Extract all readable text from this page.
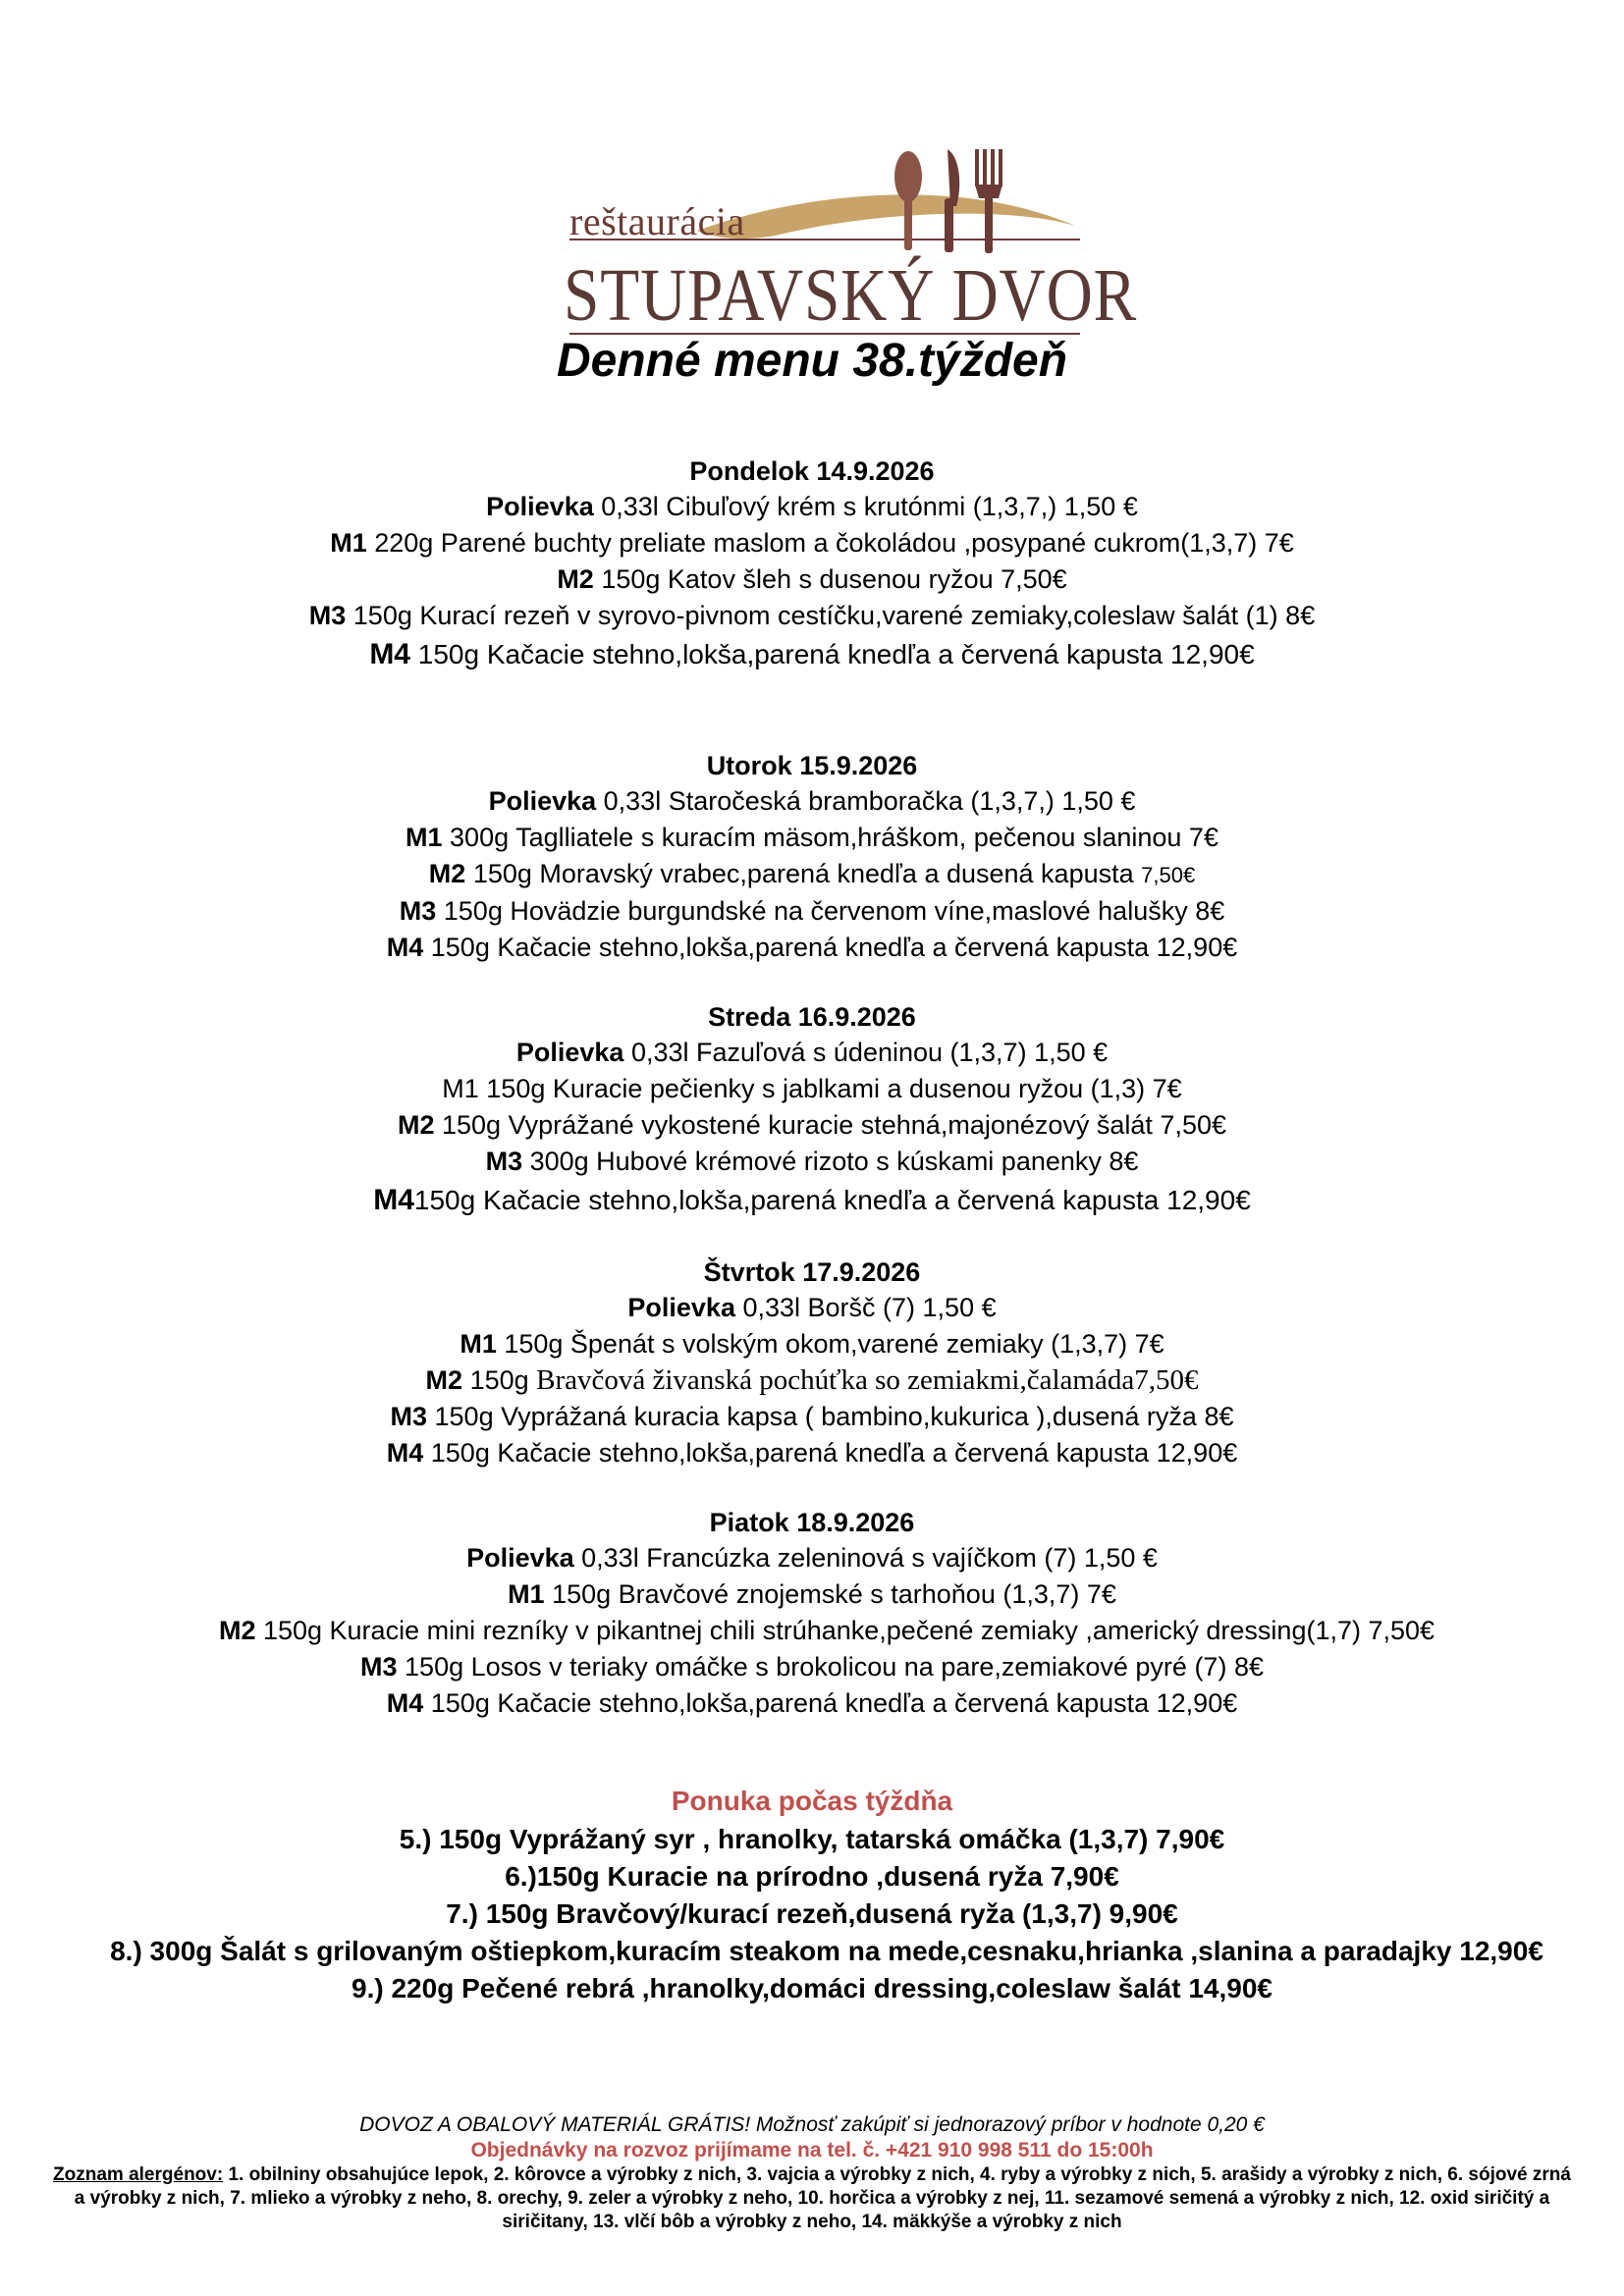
reštaurácia
STUPAVSKÝ DVOR
Denné menu 38.týždeň
Pondelok 14.9.2026
Polievka 0,33l Cibuľový krém s krutónmi (1,3,7,) 1,50 €
M1 220g Parené buchty preliate maslom a čokoládou ,posypané cukrom(1,3,7) 7€
M2 150g Katov šleh s dusenou ryžou 7,50€
M3 150g Kurací rezeň v syrovo-pivnom cestíčku,varené zemiaky,coleslaw šalát (1) 8€
M4 150g Kačacie stehno,lokša,parená knedľa a červená kapusta 12,90€
Utorok 15.9.2026
Polievka 0,33l Staročeská bramboračka (1,3,7,) 1,50 €
M1 300g Taglliatele s kuracím mäsom,hráškom, pečenou slaninou 7€
M2 150g Moravský vrabec,parená knedľa a dusená kapusta 7,50€
M3 150g Hovädzie burgundské na červenom víne,maslové halušky 8€
M4 150g Kačacie stehno,lokša,parená knedľa a červená kapusta 12,90€
Streda 16.9.2026
Polievka 0,33l Fazuľová s údeninou (1,3,7) 1,50 €
M1 150g Kuracie pečienky s jablkami a dusenou ryžou (1,3) 7€
M2 150g Vyprážané vykostené kuracie stehná,majonézový šalát 7,50€
M3 300g Hubové krémové rizoto s kúskami panenky 8€
M4150g Kačacie stehno,lokša,parená knedľa a červená kapusta 12,90€
Štvrtok 17.9.2026
Polievka 0,33l Boršč (7) 1,50 €
M1 150g Špenát s volským okom,varené zemiaky (1,3,7) 7€
M2 150g Bravčová živanská pochúťka so zemiakmi,čalamáda7,50€
M3 150g Vyprážaná kuracia kapsa ( bambino,kukurica ),dusená ryža 8€
M4 150g Kačacie stehno,lokša,parená knedľa a červená kapusta 12,90€
Piatok 18.9.2026
Polievka 0,33l Francúzka zeleninová s vajíčkom (7) 1,50 €
M1 150g Bravčové znojemské s tarhoňou (1,3,7) 7€
M2 150g Kuracie mini rezníky v pikantnej chili strúhanke,pečené zemiaky ,americký dressing(1,7) 7,50€
M3 150g Losos v teriaky omáčke s brokolicou na pare,zemiakové pyré (7) 8€
M4 150g Kačacie stehno,lokša,parená knedľa a červená kapusta 12,90€
Ponuka počas týždňa
5.) 150g Vyprážaný syr , hranolky, tatarská omáčka (1,3,7) 7,90€
6.)150g Kuracie na prírodno ,dusená ryža 7,90€
7.) 150g Bravčový/kurací rezeň,dusená ryža (1,3,7) 9,90€
8.) 300g Šalát s grilovaným oštiepkom,kuracím steakom na mede,cesnaku,hrianka ,slanina a paradajky 12,90€
9.) 220g Pečené rebrá ,hranolky,domáci dressing,coleslaw šalát 14,90€
DOVOZ A OBALOVÝ MATERIÁL GRÁTIS! Možnosť zakúpiť si jednorazový príbor v hodnote 0,20 €
Objednávky na rozvoz prijímame na tel. č. +421 910 998 511 do 15:00h
Zoznam alergénov: 1. obilniny obsahujúce lepok, 2. kôrovce a výrobky z nich, 3. vajcia a výrobky z nich, 4. ryby a výrobky z nich, 5. arašidy a výrobky z nich, 6. sójové zrná a výrobky z nich, 7. mlieko a výrobky z neho, 8. orechy, 9. zeler a výrobky z neho, 10. horčica a výrobky z nej, 11. sezamové semená a výrobky z nich, 12. oxid siričitý a siričitany, 13. vlčí bôb a výrobky z neho, 14. mäkkýše a výrobky z nich
